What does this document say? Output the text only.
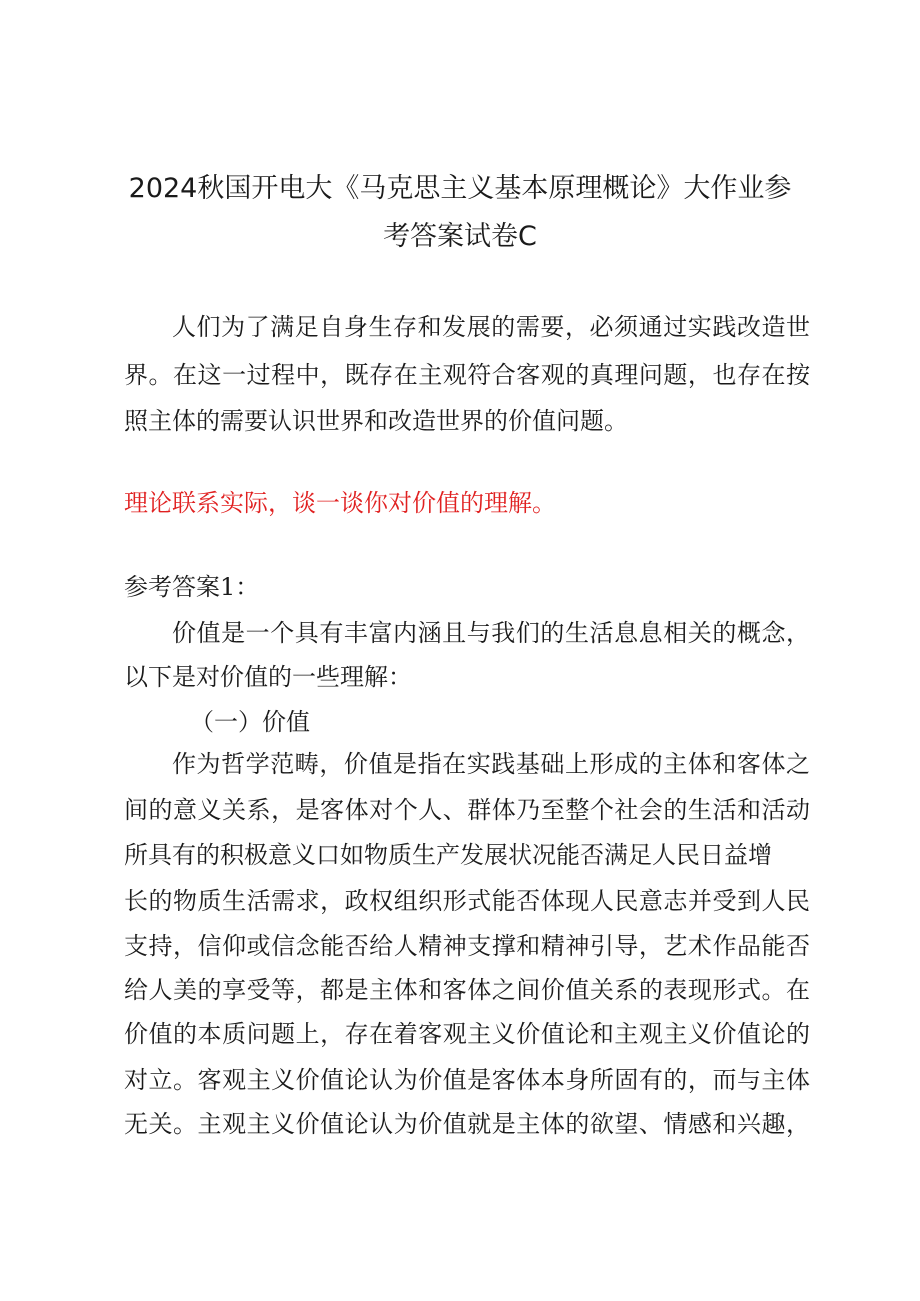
2024秋国开电大《马克思主义基本原理概论》大作业参
考答案试卷C

人们为了满足自身生存和发展的需要，必须通过实践改造世

界。在这一过程中，既存在主观符合客观的真理问题，也存在按

照主体的需要认识世界和改造世界的价值问题。

理论联系实际，谈一谈你对价值的理解。

参考答案1：

价值是一个具有丰富内涵且与我们的生活息息相关的概念，

以下是对价值的一些理解：

（一）价值

作为哲学范畴，价值是指在实践基础上形成的主体和客体之

间的意义关系，是客体对个人、群体乃至整个社会的生活和活动

所具有的积极意义口如物质生产发展状况能否满足人民日益增

长的物质生活需求，政权组织形式能否体现人民意志并受到人民

支持，信仰或信念能否给人精神支撑和精神引导，艺术作品能否

给人美的享受等，都是主体和客体之间价值关系的表现形式。在

价值的本质问题上，存在着客观主义价值论和主观主义价值论的

对立。客观主义价值论认为价值是客体本身所固有的，而与主体

无关。主观主义价值论认为价值就是主体的欲望、情感和兴趣，
